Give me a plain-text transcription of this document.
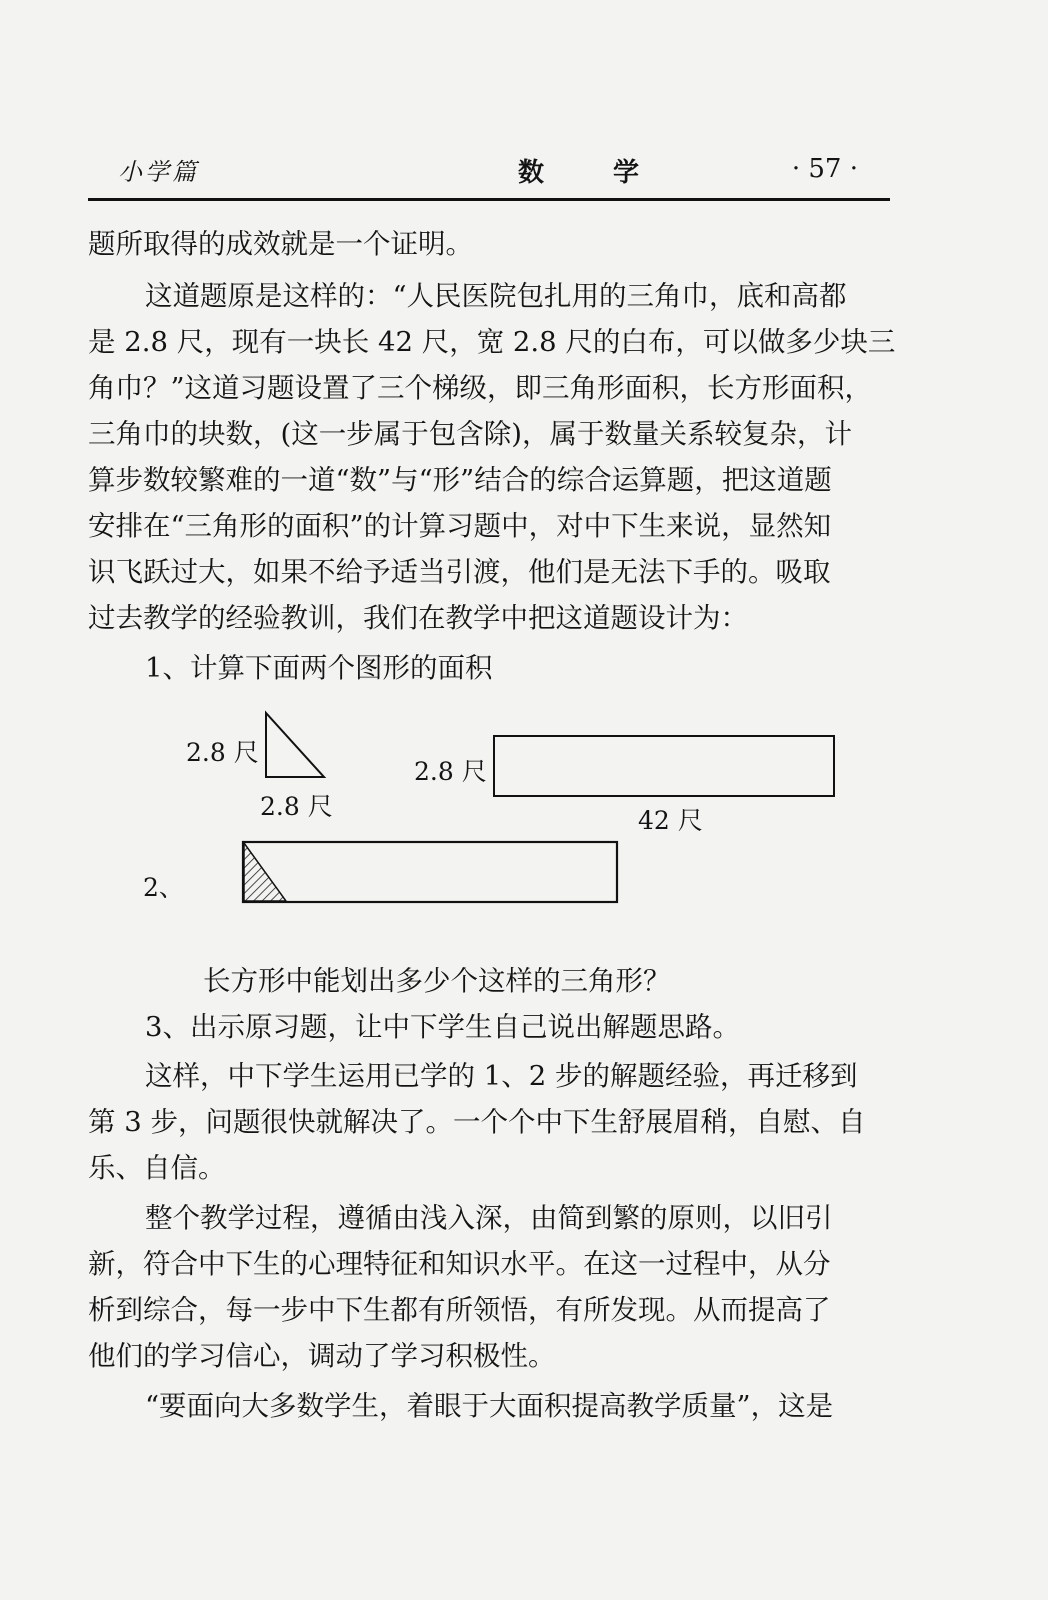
小学篇	数 学	· 57 ·
题所取得的成效就是一个证明。
这道题原是这样的：“人民医院包扎用的三角巾，底和高都
是 2.8 尺，现有一块长 42 尺，宽 2.8 尺的白布，可以做多少块三
角巾？”这道习题设置了三个梯级，即三角形面积，长方形面积，
三角巾的块数，(这一步属于包含除)，属于数量关系较复杂，计
算步数较繁难的一道“数”与“形”结合的综合运算题，把这道题
安排在“三角形的面积”的计算习题中，对中下生来说，显然知
识飞跃过大，如果不给予适当引渡，他们是无法下手的。吸取
过去教学的经验教训，我们在教学中把这道题设计为：
1、计算下面两个图形的面积
2.8 尺
2.8 尺
2.8 尺
42 尺
2、
长方形中能划出多少个这样的三角形？
3、出示原习题，让中下学生自己说出解题思路。
这样，中下学生运用已学的 1、2 步的解题经验，再迁移到
第 3 步，问题很快就解决了。一个个中下生舒展眉稍，自慰、自
乐、自信。
整个教学过程，遵循由浅入深，由简到繁的原则，以旧引
新，符合中下生的心理特征和知识水平。在这一过程中，从分
析到综合，每一步中下生都有所领悟，有所发现。从而提高了
他们的学习信心，调动了学习积极性。
“要面向大多数学生，着眼于大面积提高教学质量”，这是
